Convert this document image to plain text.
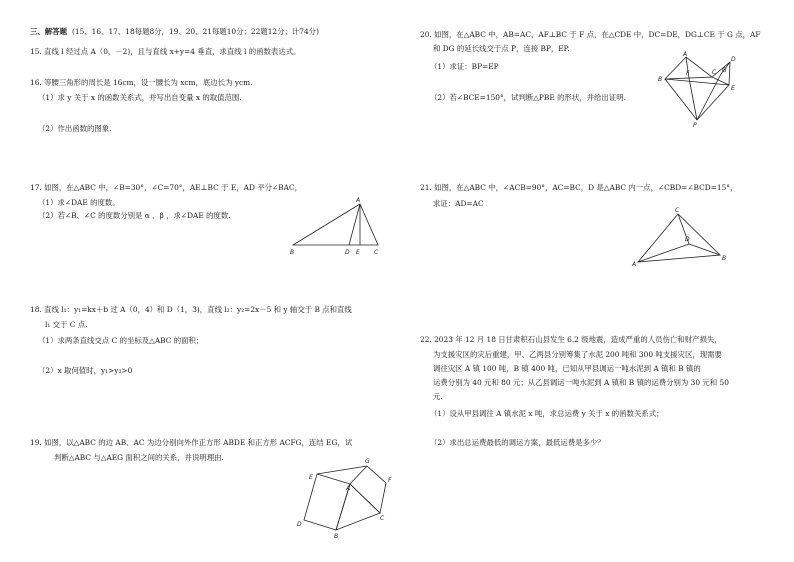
三、解答题 (15、16、17、18每题8分，19、20、21每题10分；22题12分；计74分)
15. 直线 l 经过点 A（0，－2)，且与直线 x+y=4 垂直，求直线 l 的函数表达式。
16. 等腰三角形的周长是 16cm，设一腰长为 xcm，底边长为 ycm.
（1）求 y 关于 x 的函数关系式，并写出自变量 x 的取值范围.
（2）作出函数的图象.
17. 如图，在△ABC 中，∠B=30°，∠C=70°，AE⊥BC 于 E，AD 平分∠BAC，
（1）求∠DAE 的度数。
（2）若∠B、∠C 的度数分别是 α 、β ，求∠DAE 的度数.
A
B	D E C
18. 直线 l₁：y₁=kx＋b 过 A（0，4）和 D（1，3)，直线 l₂：y₂=2x－5 和 y 轴交于 B 点和直线
l₁ 交于 C 点.
（1）求两条直线交点 C 的坐标及△ABC 的面积；
（2）x 取何值时，y₁>y₂>0
19. 如图，以△ABC 的边 AB、AC 为边分别向外作正方形 ABDE 和正方形 ACFG，连结 EG，试
判断△ABC 与△AEG 面积之间的关系，并说明理由.
A
B
C
D
E	F
G
20. 如图，在△ABC 中，AB=AC，AF⊥BC 于 F 点，在△CDE 中，DC=DE，DG⊥CE 于 G 点，AF
和 DG 的延长线交于点 P，连接 BP，EP.
（1）求证：BP=EP
（2）若∠BCE=150°，试判断△PBE 的形状，并给出证明.
A
B
C
D
E
F	G
P
21. 如图，在△ABC 中，∠ACB=90°，AC=BC，D 是△ABC 内一点，∠CBD=∠BCD=15°，
求证：AD=AC
C
A
B
D
22. 2023 年 12 月 18 日甘肃积石山县发生 6.2 级地震，造成严重的人员伤亡和财产损失，
为支援灾区的灾后重建，甲、乙两县分别筹集了水泥 200 吨和 300 吨支援灾区，现需要
调往灾区 A 镇 100 吨，B 镇 400 吨，已知从甲县调运一吨水泥到 A 镇和 B 镇的
运费分别为 40 元和 80 元；从乙县调运一吨水泥到 A 镇和 B 镇的运费分别为 30 元和 50
元.
（1）设从甲县调往 A 镇水泥 x 吨，求总运费 y 关于 x 的函数关系式；
（2）求出总运费最低的调运方案，最低运费是多少？
